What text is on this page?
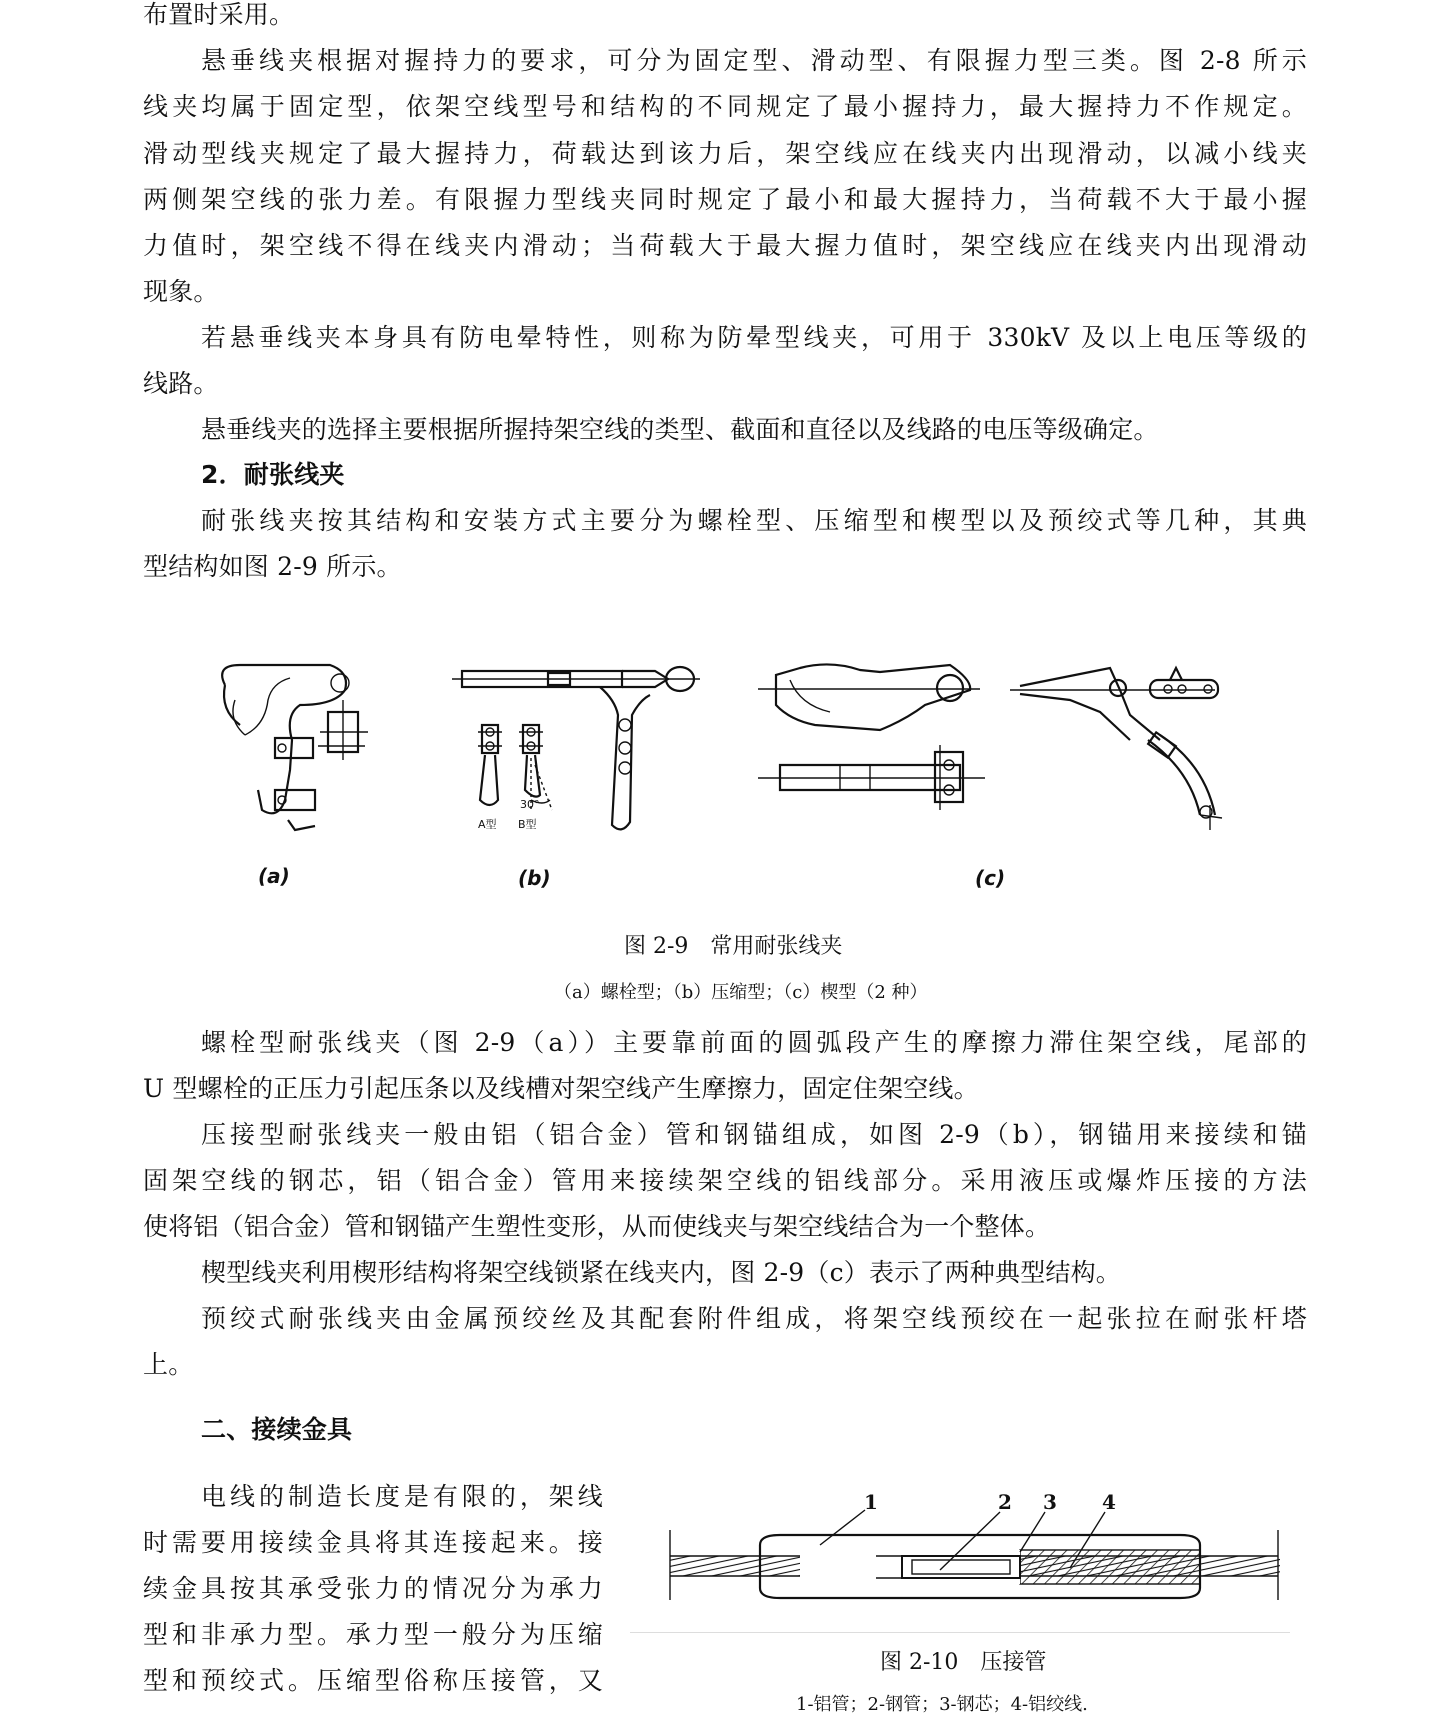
布置时采用。
悬垂线夹根据对握持力的要求，可分为固定型、滑动型、有限握力型三类。图 2-8 所示
线夹均属于固定型，依架空线型号和结构的不同规定了最小握持力，最大握持力不作规定。
滑动型线夹规定了最大握持力，荷载达到该力后，架空线应在线夹内出现滑动，以减小线夹
两侧架空线的张力差。有限握力型线夹同时规定了最小和最大握持力，当荷载不大于最小握
力值时，架空线不得在线夹内滑动；当荷载大于最大握力值时，架空线应在线夹内出现滑动
现象。
若悬垂线夹本身具有防电晕特性，则称为防晕型线夹，可用于 330kV 及以上电压等级的
线路。
悬垂线夹的选择主要根据所握持架空线的类型、截面和直径以及线路的电压等级确定。
2．耐张线夹
耐张线夹按其结构和安装方式主要分为螺栓型、压缩型和楔型以及预绞式等几种，其典
型结构如图 2-9 所示。
A型 B型
30°
(a)	(b)	(c)
图 2-9　常用耐张线夹
（a）螺栓型；（b）压缩型；（c）楔型（2 种）
螺栓型耐张线夹（图 2-9（a））主要靠前面的圆弧段产生的摩擦力滞住架空线，尾部的
U 型螺栓的正压力引起压条以及线槽对架空线产生摩擦力，固定住架空线。
压接型耐张线夹一般由铝（铝合金）管和钢锚组成，如图 2-9（b），钢锚用来接续和锚
固架空线的钢芯，铝（铝合金）管用来接续架空线的铝线部分。采用液压或爆炸压接的方法
使将铝（铝合金）管和钢锚产生塑性变形，从而使线夹与架空线结合为一个整体。
楔型线夹利用楔形结构将架空线锁紧在线夹内，图 2-9（c）表示了两种典型结构。
预绞式耐张线夹由金属预绞丝及其配套附件组成，将架空线预绞在一起张拉在耐张杆塔
上。
二、接续金具
电线的制造长度是有限的，架线
时需要用接续金具将其连接起来。接
续金具按其承受张力的情况分为承力
型和非承力型。承力型一般分为压缩
型和预绞式。压缩型俗称压接管，又
1	2 3 4
图 2-10　压接管
1-铝管；2-钢管；3-钢芯；4-铝绞线.
